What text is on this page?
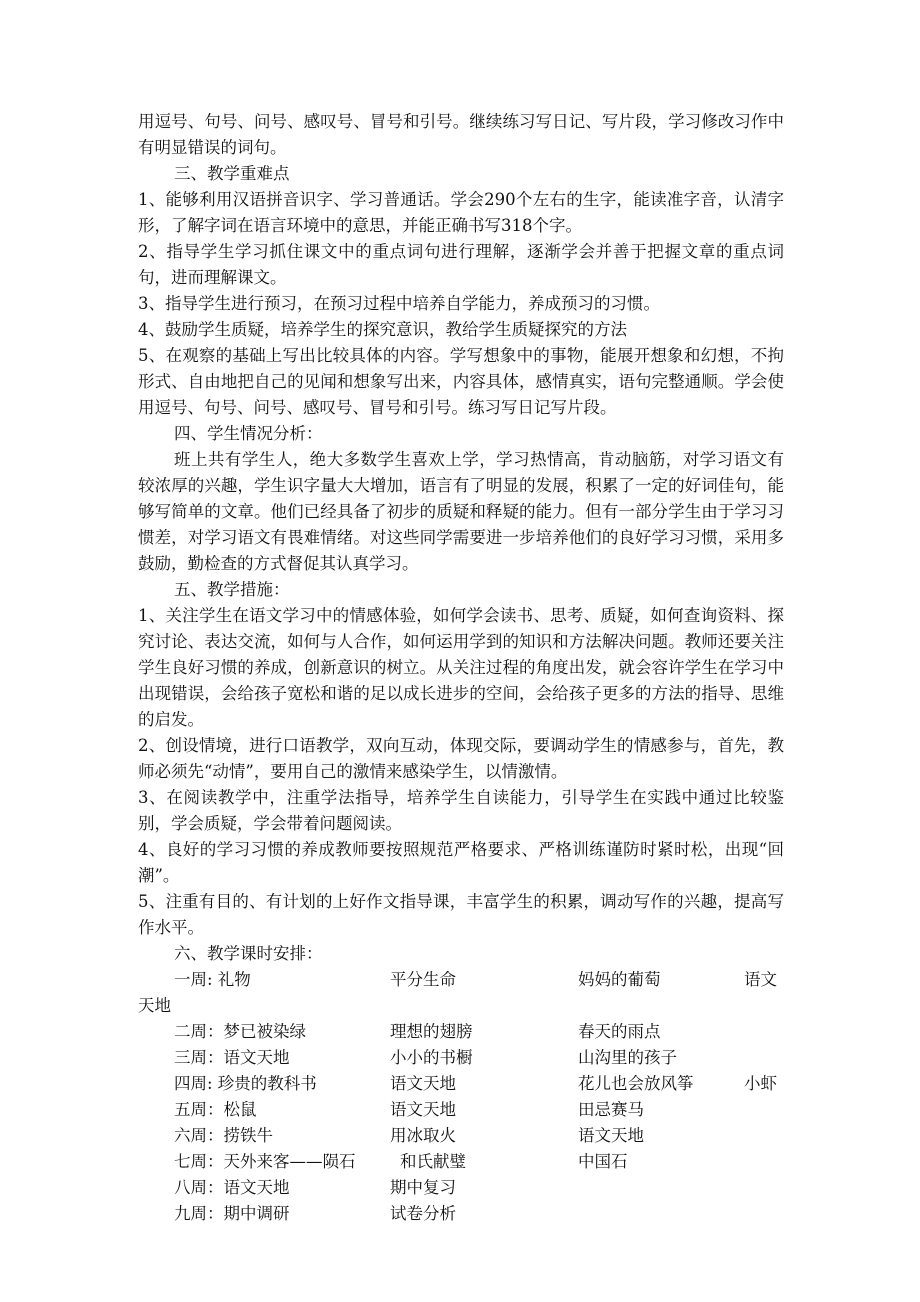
用逗号、句号、问号、感叹号、冒号和引号。继续练习写日记、写片段，学习修改习作中有明显错误的词句。

三、教学重难点

1、能够利用汉语拼音识字、学习普通话。学会290个左右的生字，能读准字音，认清字形，了解字词在语言环境中的意思，并能正确书写318个字。

2、指导学生学习抓住课文中的重点词句进行理解，逐渐学会并善于把握文章的重点词句，进而理解课文。

3、指导学生进行预习，在预习过程中培养自学能力，养成预习的习惯。

4、鼓励学生质疑，培养学生的探究意识，教给学生质疑探究的方法

5、在观察的基础上写出比较具体的内容。学写想象中的事物，能展开想象和幻想，不拘形式、自由地把自己的见闻和想象写出来，内容具体，感情真实，语句完整通顺。学会使用逗号、句号、问号、感叹号、冒号和引号。练习写日记写片段。

四、学生情况分析：

班上共有学生人，绝大多数学生喜欢上学，学习热情高，肯动脑筋，对学习语文有较浓厚的兴趣，学生识字量大大增加，语言有了明显的发展，积累了一定的好词佳句，能够写简单的文章。他们已经具备了初步的质疑和释疑的能力。但有一部分学生由于学习习惯差，对学习语文有畏难情绪。对这些同学需要进一步培养他们的良好学习习惯，采用多鼓励，勤检查的方式督促其认真学习。

五、教学措施：

1、关注学生在语文学习中的情感体验，如何学会读书、思考、质疑，如何查询资料、探究讨论、表达交流，如何与人合作，如何运用学到的知识和方法解决问题。教师还要关注学生良好习惯的养成，创新意识的树立。从关注过程的角度出发，就会容许学生在学习中出现错误，会给孩子宽松和谐的足以成长进步的空间，会给孩子更多的方法的指导、思维的启发。

2、创设情境，进行口语教学，双向互动，体现交际，要调动学生的情感参与，首先，教师必须先“动情”，要用自己的激情来感染学生，以情激情。

3、在阅读教学中，注重学法指导，培养学生自读能力，引导学生在实践中通过比较鉴别，学会质疑，学会带着问题阅读。

4、良好的学习习惯的养成教师要按照规范严格要求、严格训练谨防时紧时松，出现“回潮”。

5、注重有目的、有计划的上好作文指导课，丰富学生的积累，调动写作的兴趣，提高写作水平。

六、教学课时安排：
一周: 礼物	平分生命	妈妈的葡萄	语文
天地
二周：梦已被染绿	理想的翅膀	春天的雨点
三周：语文天地	小小的书橱	山沟里的孩子
四周: 珍贵的教科书	语文天地	花儿也会放风筝	小虾
五周：松鼠	语文天地	田忌赛马
六周：捞铁牛	用冰取火	语文天地
七周：天外来客——陨石	和氏献璧	中国石
八周：语文天地	期中复习
九周：期中调研	试卷分析
